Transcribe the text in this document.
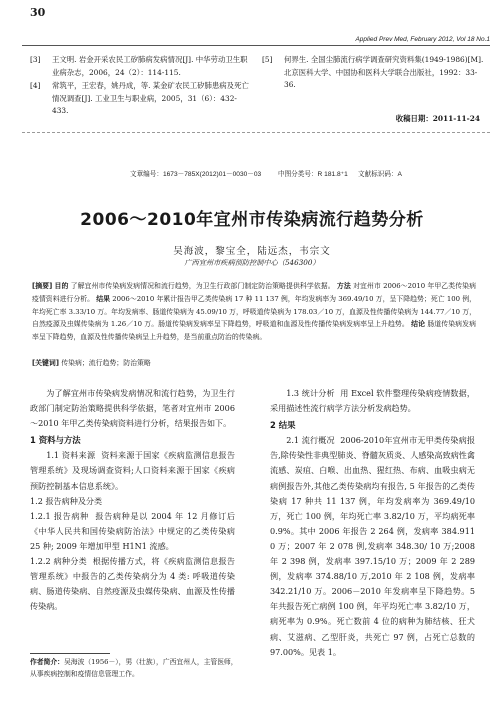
30
Applied Prev Med, February 2012, Vol 18 No.1
[3] 王文明. 岩金开采农民工矽肺病发病情况[J]. 中华劳动卫生职业病杂志，2006，24（2）：114-115.
[4] 常筑平，王宏春，姚丹成，等. 某金矿农民工矽肺患病及死亡情况调查[J]. 工业卫生与职业病，2005，31（6）：432-433.
[5] 何界生. 全国尘肺流行病学调查研究资料集(1949-1986)[M]. 北京医科大学、中国协和医科大学联合出版社，1992：33-36.
收稿日期：2011-11-24
文章编号：1673－785X(2012)01－0030－03	中图分类号：R 181.8⁺1 文献标识码：A
2006～2010年宜州市传染病流行趋势分析
吴海波，黎宝全，陆远杰，韦宗文
广西宜州市疾病预防控制中心（546300）
[摘要] 目的 了解宜州市传染病发病情况和流行趋势，为卫生行政部门制定防治策略提供科学依据。 方法 对宜州市 2006～2010 年甲乙类传染病疫情资料进行分析。 结果 2006～2010 年累计报告甲乙类传染病 17 种 11 137 例，年均发病率为 369.49/10 万，呈下降趋势；死亡 100 例，年均死亡率 3.33/10 万。年均发病率、肠道传染病为 45.09/10 万，呼吸道传染病为 178.03／10 万，血源及性传播传染病为 144.77／10 万，自然疫源及虫媒传染病为 1.26／10 万。肠道传染病发病率呈下降趋势，呼吸道和血源及性传播传染病发病率呈上升趋势。 结论 肠道传染病发病率呈下降趋势，血源及性传播传染病呈上升趋势，是当前重点防治的传染病。
[关键词] 传染病；流行趋势；防治策略

为了解宜州市传染病发病情况和流行趋势，为卫生行政部门制定防治策略提供科学依据，笔者对宜州市 2006～2010 年甲乙类传染病资料进行分析，结果报告如下。

1 资料与方法

1.1 资料来源 资料来源于国家《疾病监测信息报告管理系统》及现场调查资料;人口资料来源于国家《疾病预防控制基本信息系统》。

1.2 报告病种及分类

1.2.1 报告病种 报告病种是以 2004 年 12 月修订后《中华人民共和国传染病防治法》中规定的乙类传染病 25 种; 2009 年增加甲型 H1N1 流感。

1.2.2 病种分类 根据传播方式，将《疾病监测信息报告管理系统》中报告的乙类传染病分为 4 类: 呼吸道传染病、肠道传染病、自然疫源及虫媒传染病、血源及性传播传染病。

1.3 统计分析 用 Excel 软件整理传染病疫情数据，采用描述性流行病学方法分析发病趋势。

2 结果

2.1 流行概况 2006-2010年宜州市无甲类传染病报告,除传染性非典型肺炎、脊髓灰质炎、人感染高致病性禽流感、炭疽、白喉、出血热、猩红热、布病、血吸虫病无病例报告外,其他乙类传染病均有报告, 5 年报告的乙类传染病 17 种共 11 137 例，年均发病率为 369.49/10 万，死亡 100 例，年均死亡率 3.82/10 万，平均病死率 0.9%。其中 2006 年报告 2 264 例，发病率 384.911 0 万；2007 年 2 078 例,发病率 348.30/ 10 万;2008 年 2 398 例，发病率 397.15/10 万；2009 年 2 289 例，发病率 374.88/10 万,2010 年 2 108 例，发病率 342.21/10 万。2006－2010 年发病率呈下降趋势。5 年共报告死亡病例 100 例，年平均死亡率 3.82/10 万，病死率为 0.9%。死亡数前 4 位的病种为肺结核、狂犬病、艾滋病、乙型肝炎，共死亡 97 例，占死亡总数的 97.00%。见表 1。

作者简介：吴海波（1956－），男（壮族），广西宜州人，主管医师，从事疾病控制和疫情信息管理工作。
